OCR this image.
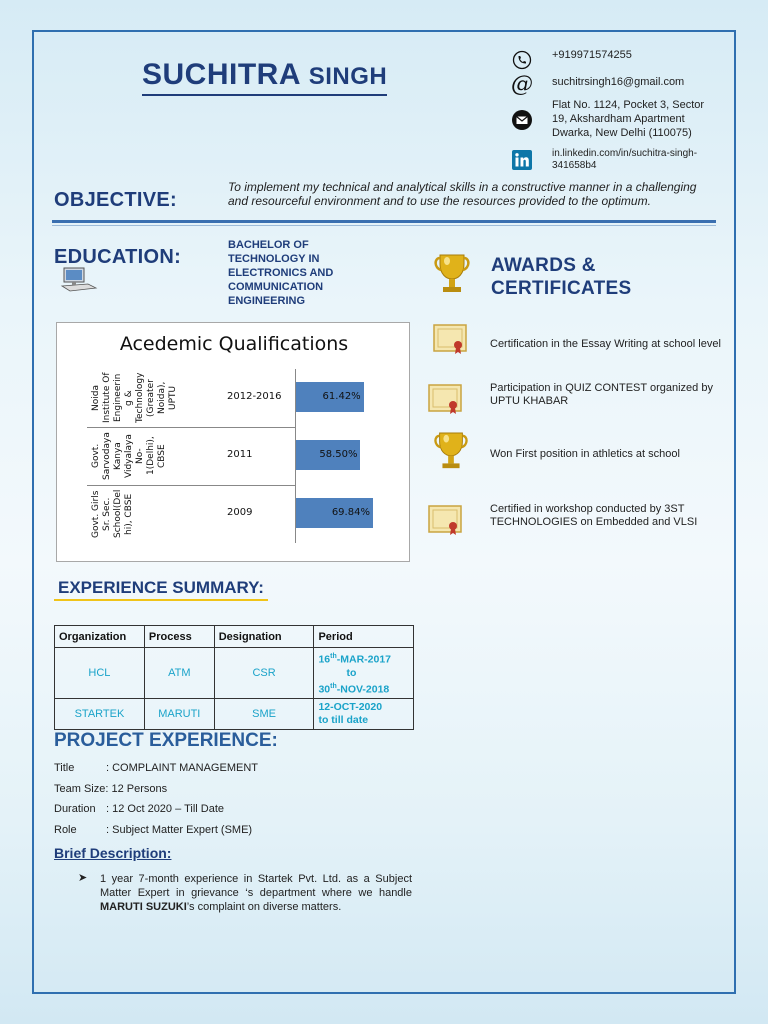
SUCHITRA SINGH
+919971574255
@ suchitrsingh16@gmail.com
Flat No. 1124, Pocket 3, Sector 19, Akshardham Apartment Dwarka, New Delhi (110075)
in.linkedin.com/in/suchitra-singh-341658b4
OBJECTIVE:
To implement my technical and analytical skills in a constructive manner in a challenging and resourceful environment and to use the resources provided to the optimum.
EDUCATION:
BACHELOR OF TECHNOLOGY IN ELECTRONICS AND COMMUNICATION ENGINEERING
Acedemic Qualifications
Noida Institute Of Engineerin g & Technology (Greater Noida), UPTU	2012-2016	61.42%
Govt. Sarvodaya Kanya Vidyalaya No-1(Delhi), CBSE	2011	58.50%
Govt. Girls Sr. Sec. School(Del hi), CBSE	2009	69.84%
AWARDS &
CERTIFICATES
Certification in the Essay Writing at school level
Participation in QUIZ CONTEST organized by UPTU KHABAR
Won First position in athletics at school
Certified in workshop conducted by 3ST TECHNOLOGIES on Embedded and VLSI
EXPERIENCE SUMMARY:
Organization	Process	Designation	Period
HCL	ATM	CSR	16th-MAR-2017
to
30th-NOV-2018

STARTEK	MARUTI	SME	12-OCT-2020
to till date
PROJECT EXPERIENCE:
Title	: COMPLAINT MANAGEMENT
Team Size: 12 Persons
Duration : 12 Oct 2020 – Till Date
Role	: Subject Matter Expert (SME)
Brief Description:
➤ 1 year 7-month experience in Startek Pvt. Ltd. as a Subject Matter Expert in grievance ‘s department where we handle MARUTI SUZUKI’s complaint on diverse matters.
